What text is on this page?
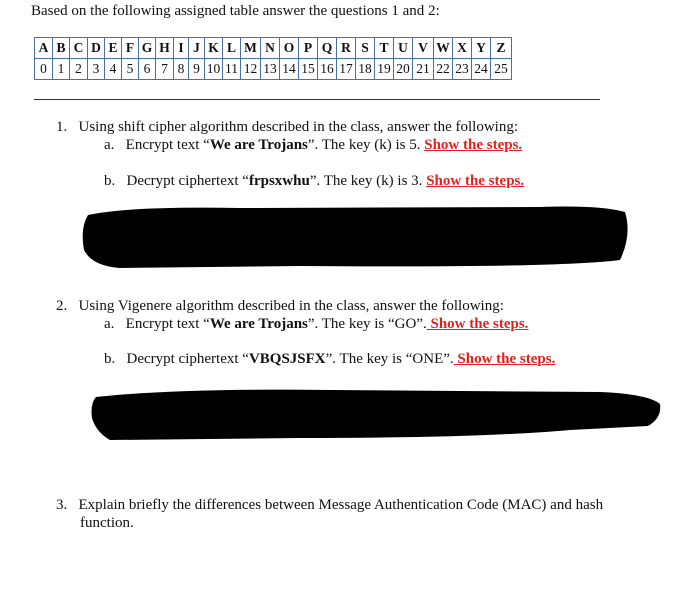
Based on the following assigned table answer the questions 1 and 2:
A	B	C	D	E	F	G	H	I	J	K	L	M	N	O	P	Q	R	S	T	U	V	W	X	Y	Z
0	1	2	3	4	5	6	7	8	9	10	11	12	13	14	15	16	17	18	19	20	21	22	23	24	25
1. Using shift cipher algorithm described in the class, answer the following:
a. Encrypt text “We are Trojans”. The key (k) is 5. Show the steps.
b. Decrypt ciphertext “frpsxwhu”. The key (k) is 3. Show the steps.
2. Using Vigenere algorithm described in the class, answer the following:
a. Encrypt text “We are Trojans”. The key is “GO”. Show the steps.
b. Decrypt ciphertext “VBQSJSFX”. The key is “ONE”. Show the steps.
3. Explain briefly the differences between Message Authentication Code (MAC) and hash
function.
